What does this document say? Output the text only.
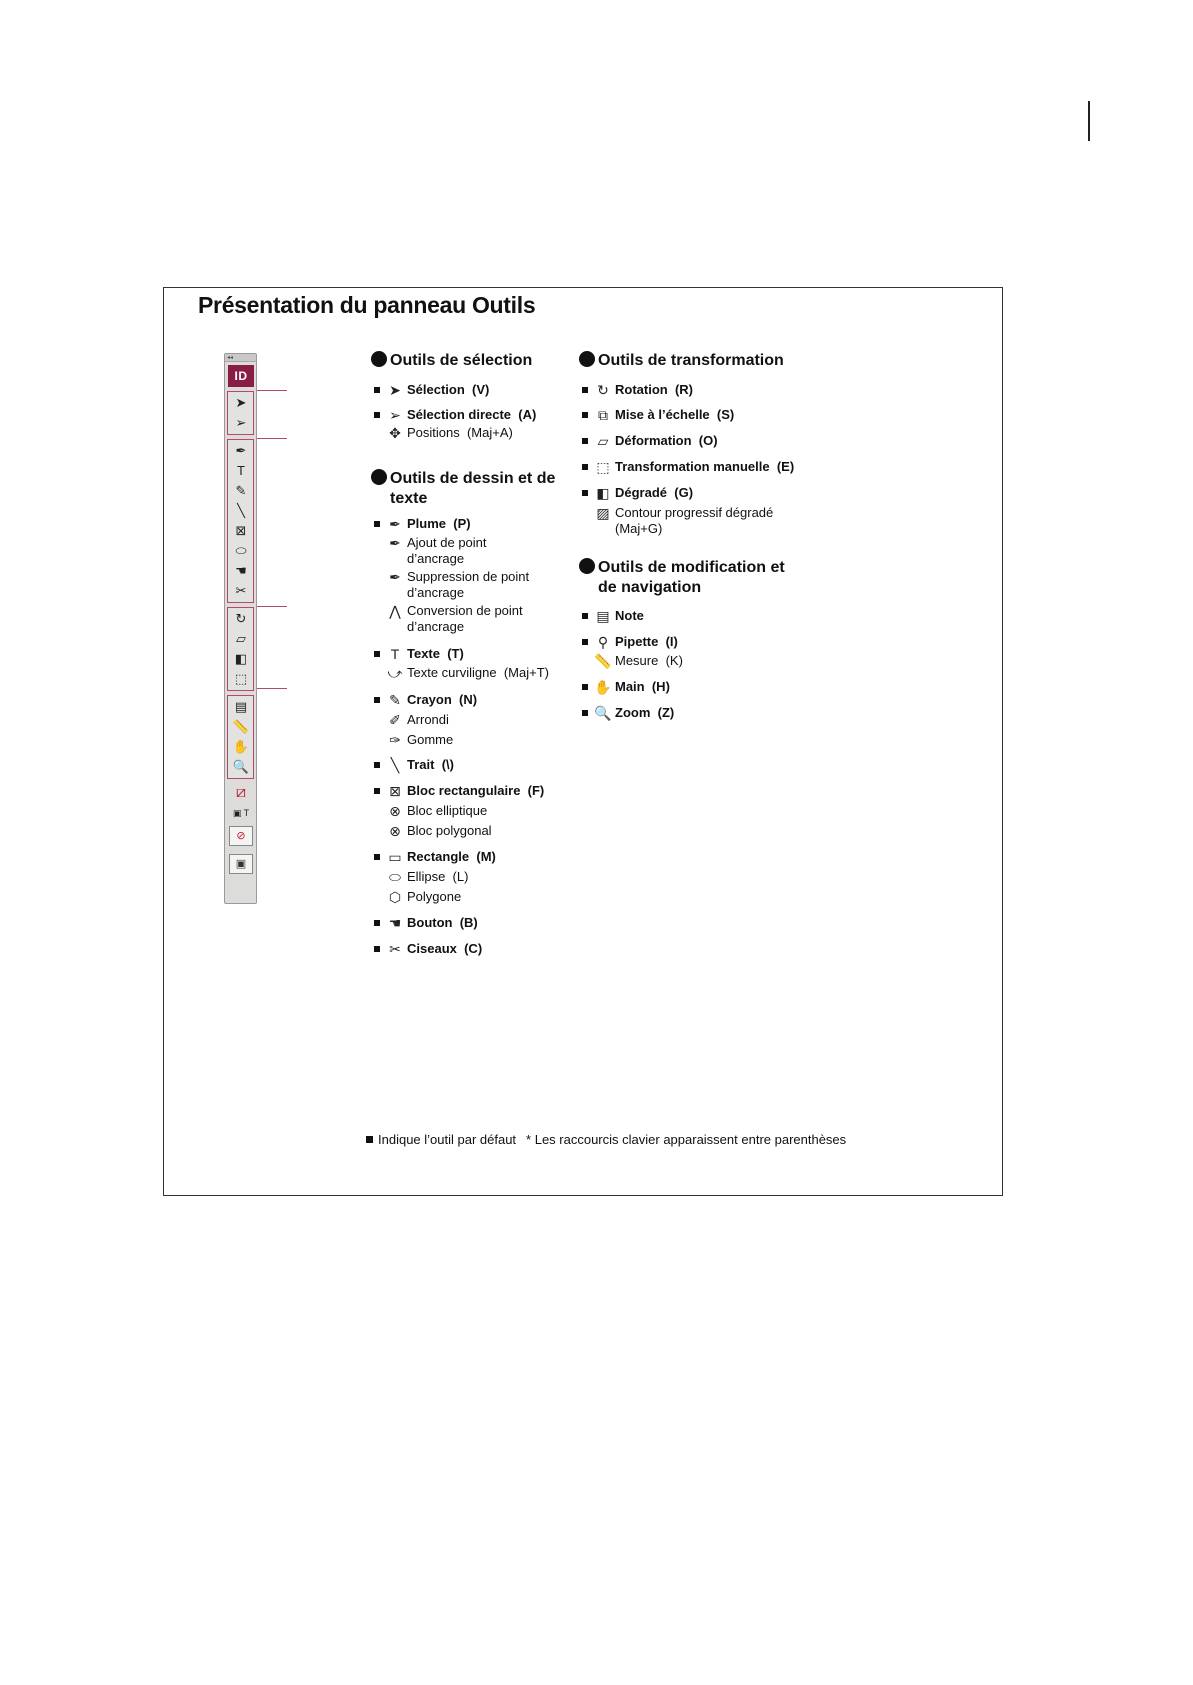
Présentation du panneau Outils
◂◂
ID
➤
➢
✒
T
✎
╲
⊠
⬭
☚
✂
↻
▱
◧
⬚
▤
📏
✋
🔍
⧄
▣ T
⊘
▣
Outils de sélection
➤ Sélection  (V)
➢ Sélection directe  (A)
✥ Positions  (Maj+A)
Outils de dessin et de
texte
✒ Plume  (P)
✒ Ajout de point
d’ancrage
✒ Suppression de point
d’ancrage
⋀ Conversion de point
d’ancrage
T Texte  (T)
⤻ Texte curviligne  (Maj+T)
✎ Crayon  (N)
✐ Arrondi
✑ Gomme
╲ Trait  (\)
⊠ Bloc rectangulaire  (F)
⊗ Bloc elliptique
⊗ Bloc polygonal
▭ Rectangle  (M)
⬭ Ellipse  (L)
⬡ Polygone
☚ Bouton  (B)
✂ Ciseaux  (C)
Outils de transformation
↻ Rotation  (R)
⧉ Mise à l’échelle  (S)
▱ Déformation  (O)
⬚ Transformation manuelle  (E)
◧ Dégradé  (G)
▨ Contour progressif dégradé
(Maj+G)
Outils de modification et
de navigation
▤ Note
⚲ Pipette  (I)
📏 Mesure  (K)
✋ Main  (H)
🔍 Zoom  (Z)
Indique l’outil par défaut * Les raccourcis clavier apparaissent entre parenthèses
